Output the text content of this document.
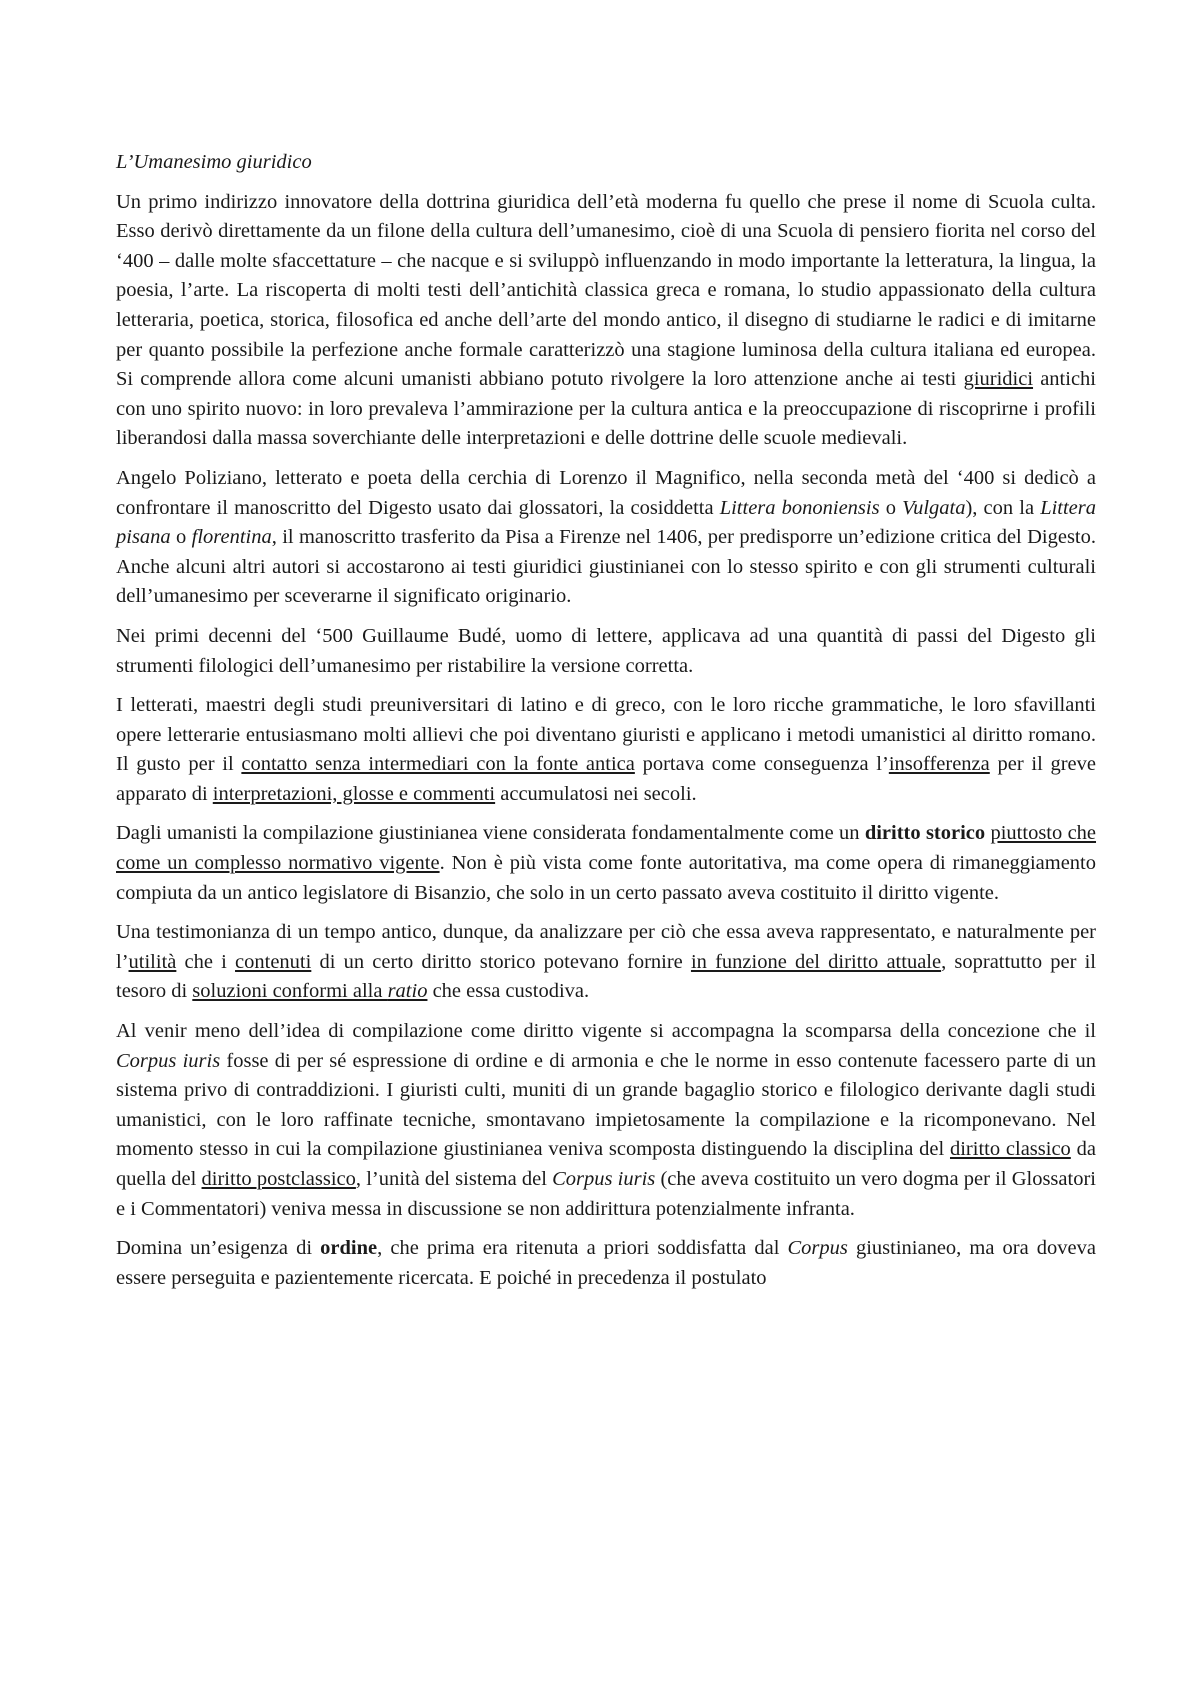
L’Umanesimo giuridico

Un primo indirizzo innovatore della dottrina giuridica dell’età moderna fu quello che prese il nome di Scuola culta. Esso derivò direttamente da un filone della cultura dell’umanesimo, cioè di una Scuola di pensiero fiorita nel corso del ‘400 – dalle molte sfaccettature – che nacque e si sviluppò influenzando in modo importante la letteratura, la lingua, la poesia, l’arte. La riscoperta di molti testi dell’antichità classica greca e romana, lo studio appassionato della cultura letteraria, poetica, storica, filosofica ed anche dell’arte del mondo antico, il disegno di studiarne le radici e di imitarne per quanto possibile la perfezione anche formale caratterizzò una stagione luminosa della cultura italiana ed europea. Si comprende allora come alcuni umanisti abbiano potuto rivolgere la loro attenzione anche ai testi giuridici antichi con uno spirito nuovo: in loro prevaleva l’ammirazione per la cultura antica e la preoccupazione di riscoprirne i profili liberandosi dalla massa soverchiante delle interpretazioni e delle dottrine delle scuole medievali.

Angelo Poliziano, letterato e poeta della cerchia di Lorenzo il Magnifico, nella seconda metà del ‘400 si dedicò a confrontare il manoscritto del Digesto usato dai glossatori, la cosiddetta Littera bononiensis o Vulgata), con la Littera pisana o florentina, il manoscritto trasferito da Pisa a Firenze nel 1406, per predisporre un’edizione critica del Digesto. Anche alcuni altri autori si accostarono ai testi giuridici giustinianei con lo stesso spirito e con gli strumenti culturali dell’umanesimo per sceverarne il significato originario.

Nei primi decenni del ‘500 Guillaume Budé, uomo di lettere, applicava ad una quantità di passi del Digesto gli strumenti filologici dell’umanesimo per ristabilire la versione corretta.

I letterati, maestri degli studi preuniversitari di latino e di greco, con le loro ricche grammatiche, le loro sfavillanti opere letterarie entusiasmano molti allievi che poi diventano giuristi e applicano i metodi umanistici al diritto romano. Il gusto per il contatto senza intermediari con la fonte antica portava come conseguenza l’insofferenza per il greve apparato di interpretazioni, glosse e commenti accumulatosi nei secoli.

Dagli umanisti la compilazione giustinianea viene considerata fondamentalmente come un diritto storico piuttosto che come un complesso normativo vigente. Non è più vista come fonte autoritativa, ma come opera di rimaneggiamento compiuta da un antico legislatore di Bisanzio, che solo in un certo passato aveva costituito il diritto vigente.

Una testimonianza di un tempo antico, dunque, da analizzare per ciò che essa aveva rappresentato, e naturalmente per l’utilità che i contenuti di un certo diritto storico potevano fornire in funzione del diritto attuale, soprattutto per il tesoro di soluzioni conformi alla ratio che essa custodiva.

Al venir meno dell’idea di compilazione come diritto vigente si accompagna la scomparsa della concezione che il Corpus iuris fosse di per sé espressione di ordine e di armonia e che le norme in esso contenute facessero parte di un sistema privo di contraddizioni. I giuristi culti, muniti di un grande bagaglio storico e filologico derivante dagli studi umanistici, con le loro raffinate tecniche, smontavano impietosamente la compilazione e la ricomponevano. Nel momento stesso in cui la compilazione giustinianea veniva scomposta distinguendo la disciplina del diritto classico da quella del diritto postclassico, l’unità del sistema del Corpus iuris (che aveva costituito un vero dogma per il Glossatori e i Commentatori) veniva messa in discussione se non addirittura potenzialmente infranta.

Domina un’esigenza di ordine, che prima era ritenuta a priori soddisfatta dal Corpus giustinianeo, ma ora doveva essere perseguita e pazientemente ricercata. E poiché in precedenza il postulato
